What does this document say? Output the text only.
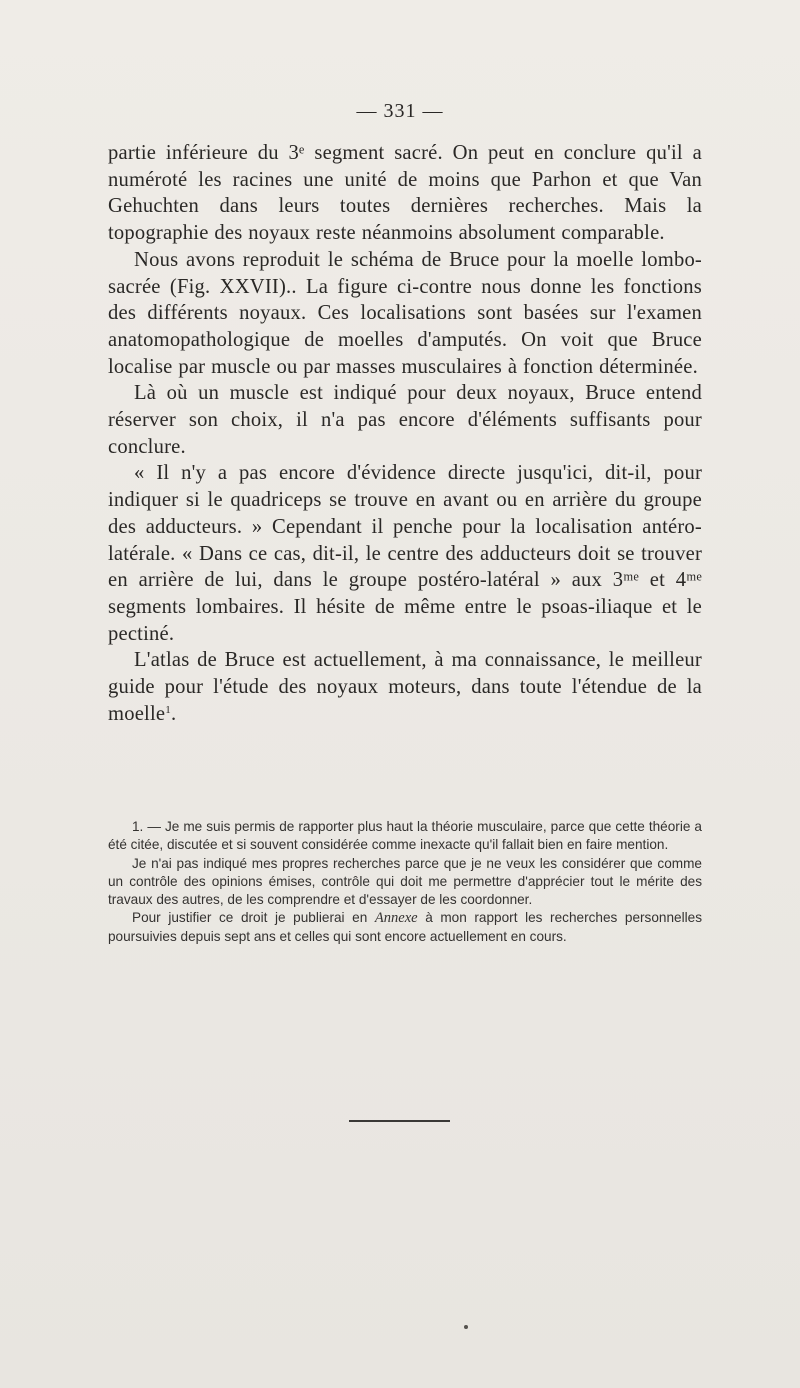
— 331 —

partie inférieure du 3ᵉ segment sacré. On peut en conclure qu'il a numéroté les racines une unité de moins que Parhon et que Van Gehuchten dans leurs toutes dernières recherches. Mais la topographie des noyaux reste néanmoins absolument comparable.

Nous avons reproduit le schéma de Bruce pour la moelle lombo-sacrée (Fig. XXVII).. La figure ci-contre nous donne les fonctions des différents noyaux. Ces localisations sont basées sur l'examen anatomopathologique de moelles d'amputés. On voit que Bruce localise par muscle ou par masses musculaires à fonction déterminée.

Là où un muscle est indiqué pour deux noyaux, Bruce entend réserver son choix, il n'a pas encore d'éléments suffisants pour conclure.

« Il n'y a pas encore d'évidence directe jusqu'ici, dit-il, pour indiquer si le quadriceps se trouve en avant ou en arrière du groupe des adducteurs. » Cependant il penche pour la localisation antéro-latérale. « Dans ce cas, dit-il, le centre des adducteurs doit se trouver en arrière de lui, dans le groupe postéro-latéral » aux 3ᵐᵉ et 4ᵐᵉ segments lombaires. Il hésite de même entre le psoas-iliaque et le pectiné.

L'atlas de Bruce est actuellement, à ma connaissance, le meilleur guide pour l'étude des noyaux moteurs, dans toute l'étendue de la moelle$^1$.

1. — Je me suis permis de rapporter plus haut la théorie musculaire, parce que cette théorie a été citée, discutée et si souvent considérée comme inexacte qu'il fallait bien en faire mention.

Je n'ai pas indiqué mes propres recherches parce que je ne veux les considérer que comme un contrôle des opinions émises, contrôle qui doit me permettre d'apprécier tout le mérite des travaux des autres, de les comprendre et d'essayer de les coordonner.

Pour justifier ce droit je publierai en Annexe à mon rapport les recherches personnelles poursuivies depuis sept ans et celles qui sont encore actuellement en cours.
